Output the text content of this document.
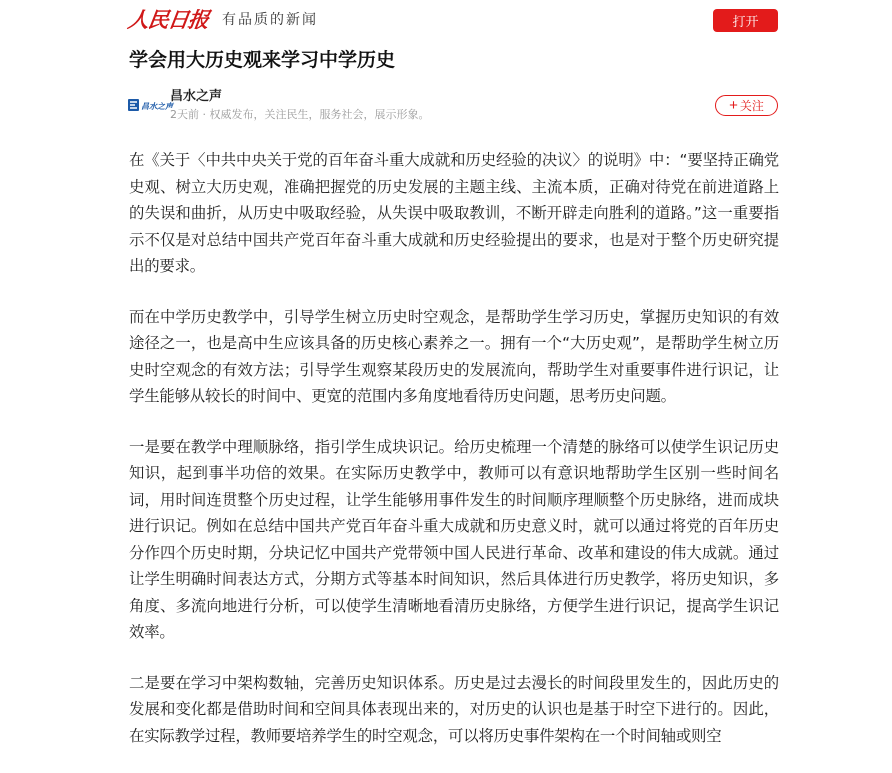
人民日报 有品质的新闻	打开
学会用大历史观来学习中学历史
昌水之声
昌水之声
2天前 · 权威发布，关注民生，服务社会，展示形象。
+ 关注

在《关于〈中共中央关于党的百年奋斗重大成就和历史经验的决议〉的说明》中：“要坚持正确党史观、树立大历史观，准确把握党的历史发展的主题主线、主流本质，正确对待党在前进道路上的失误和曲折，从历史中吸取经验，从失误中吸取教训，不断开辟走向胜利的道路。”这一重要指示不仅是对总结中国共产党百年奋斗重大成就和历史经验提出的要求，也是对于整个历史研究提出的要求。

而在中学历史教学中，引导学生树立历史时空观念，是帮助学生学习历史，掌握历史知识的有效途径之一，也是高中生应该具备的历史核心素养之一。拥有一个“大历史观”，是帮助学生树立历史时空观念的有效方法；引导学生观察某段历史的发展流向，帮助学生对重要事件进行识记，让学生能够从较长的时间中、更宽的范围内多角度地看待历史问题，思考历史问题。

一是要在教学中理顺脉络，指引学生成块识记。给历史梳理一个清楚的脉络可以使学生识记历史知识，起到事半功倍的效果。在实际历史教学中，教师可以有意识地帮助学生区别一些时间名词，用时间连贯整个历史过程，让学生能够用事件发生的时间顺序理顺整个历史脉络，进而成块进行识记。例如在总结中国共产党百年奋斗重大成就和历史意义时，就可以通过将党的百年历史分作四个历史时期，分块记忆中国共产党带领中国人民进行革命、改革和建设的伟大成就。通过让学生明确时间表达方式，分期方式等基本时间知识，然后具体进行历史教学，将历史知识，多角度、多流向地进行分析，可以使学生清晰地看清历史脉络，方便学生进行识记，提高学生识记效率。

二是要在学习中架构数轴，完善历史知识体系。历史是过去漫长的时间段里发生的，因此历史的发展和变化都是借助时间和空间具体表现出来的，对历史的认识也是基于时空下进行的。因此，在实际教学过程，教师要培养学生的时空观念，可以将历史事件架构在一个时间轴或则空
